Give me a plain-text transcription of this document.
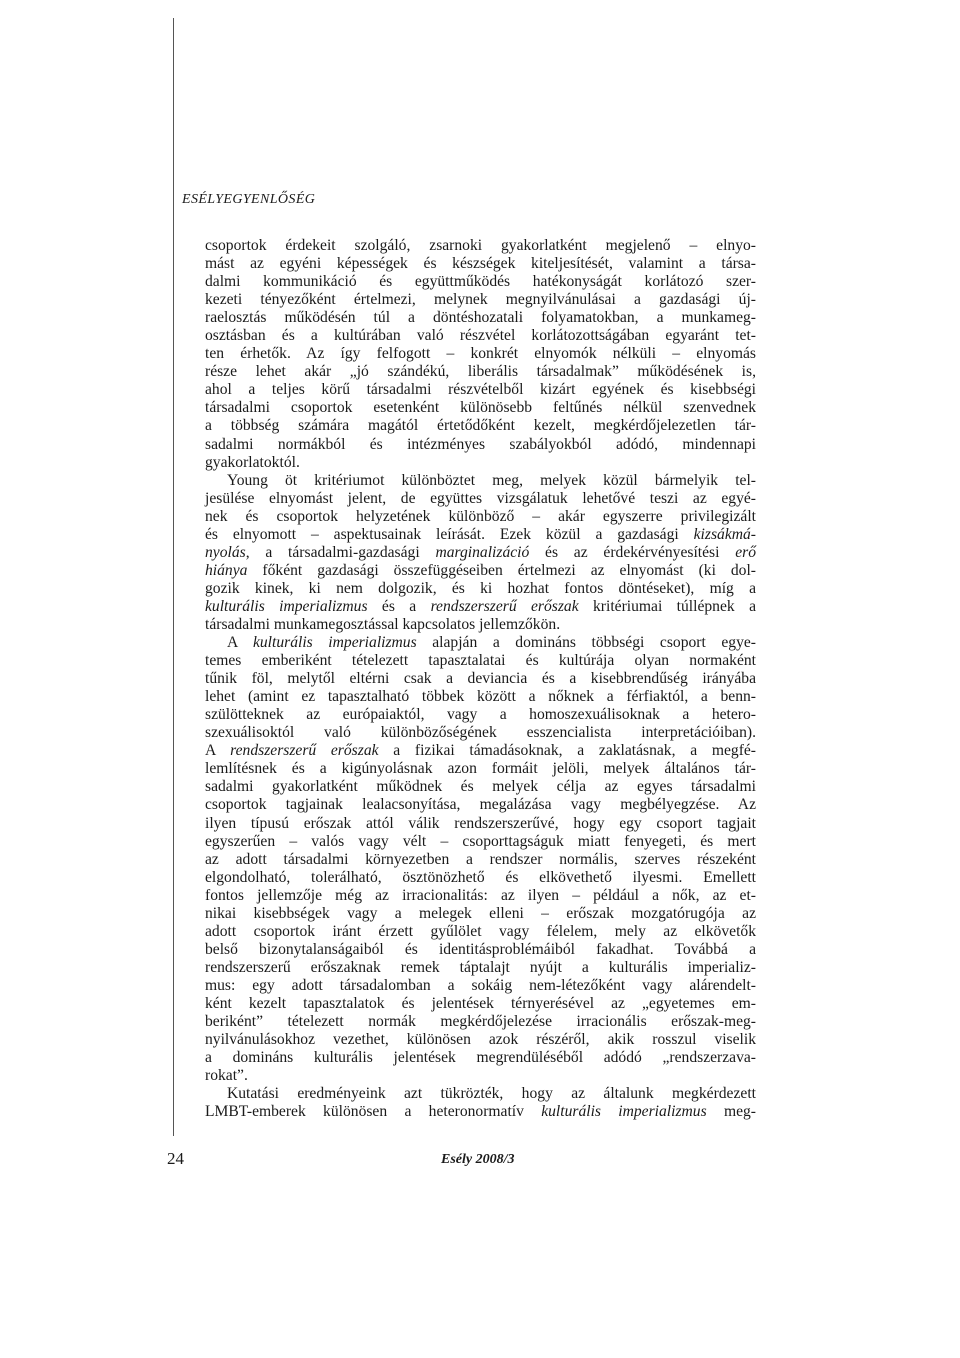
ESÉLYEGYENLŐSÉG
csoportok érdekeit szolgáló, zsarnoki gyakorlatként megjelenő – elnyo-
mást az egyéni képességek és készségek kiteljesítését, valamint a társa-
dalmi kommunikáció és együttműködés hatékonyságát korlátozó szer-
kezeti tényezőként értelmezi, melynek megnyilvánulásai a gazdasági új-
raelosztás működésén túl a döntéshozatali folyamatokban, a munkameg-
osztásban és a kultúrában való részvétel korlátozottságában egyaránt tet-
ten érhetők. Az így felfogott – konkrét elnyomók nélküli – elnyomás
része lehet akár „jó szándékú, liberális társadalmak” működésének is,
ahol a teljes körű társadalmi részvételből kizárt egyének és kisebbségi
társadalmi csoportok esetenként különösebb feltűnés nélkül szenvednek
a többség számára magától értetődőként kezelt, megkérdőjelezetlen tár-
sadalmi normákból és intézményes szabályokból adódó, mindennapi
gyakorlatoktól.
Young öt kritériumot különböztet meg, melyek közül bármelyik tel-
jesülése elnyomást jelent, de együttes vizsgálatuk lehetővé teszi az egyé-
nek és csoportok helyzetének különböző – akár egyszerre privilegizált
és elnyomott – aspektusainak leírását. Ezek közül a gazdasági kizsákmá-
nyolás, a társadalmi-gazdasági marginalizáció és az érdekérvényesítési erő
hiánya főként gazdasági összefüggéseiben értelmezi az elnyomást (ki dol-
gozik kinek, ki nem dolgozik, és ki hozhat fontos döntéseket), míg a
kulturális imperializmus és a rendszerszerű erőszak kritériumai túllépnek a
társadalmi munkamegosztással kapcsolatos jellemzőkön.
A kulturális imperializmus alapján a domináns többségi csoport egye-
temes emberiként tételezett tapasztalatai és kultúrája olyan normaként
tűnik föl, melytől eltérni csak a deviancia és a kisebbrendűség irányába
lehet (amint ez tapasztalható többek között a nőknek a férfiaktól, a benn-
szülötteknek az európaiaktól, vagy a homoszexuálisoknak a hetero-
szexuálisoktól való különbözőségének esszencialista interpretációiban).
A rendszerszerű erőszak a fizikai támadásoknak, a zaklatásnak, a megfé-
lemlítésnek és a kigúnyolásnak azon formáit jelöli, melyek általános tár-
sadalmi gyakorlatként működnek és melyek célja az egyes társadalmi
csoportok tagjainak lealacsonyítása, megalázása vagy megbélyegzése. Az
ilyen típusú erőszak attól válik rendszerszerűvé, hogy egy csoport tagjait
egyszerűen – valós vagy vélt – csoporttagságuk miatt fenyegeti, és mert
az adott társadalmi környezetben a rendszer normális, szerves részeként
elgondolható, tolerálható, ösztönözhető és elkövethető ilyesmi. Emellett
fontos jellemzője még az irracionalitás: az ilyen – például a nők, az et-
nikai kisebbségek vagy a melegek elleni – erőszak mozgatórugója az
adott csoportok iránt érzett gyűlölet vagy félelem, mely az elkövetők
belső bizonytalanságaiból és identitásproblémáiból fakadhat. Továbbá a
rendszerszerű erőszaknak remek táptalajt nyújt a kulturális imperializ-
mus: egy adott társadalomban a sokáig nem-létezőként vagy alárendelt-
ként kezelt tapasztalatok és jelentések térnyerésével az „egyetemes em-
beriként” tételezett normák megkérdőjelezése irracionális erőszak-meg-
nyilvánulásokhoz vezethet, különösen azok részéről, akik rosszul viselik
a domináns kulturális jelentések megrendüléséből adódó „rendszerzava-
rokat”.
Kutatási eredményeink azt tükrözték, hogy az általunk megkérdezett
LMBT-emberek különösen a heteronormatív kulturális imperializmus meg-
24	Esély 2008/3
